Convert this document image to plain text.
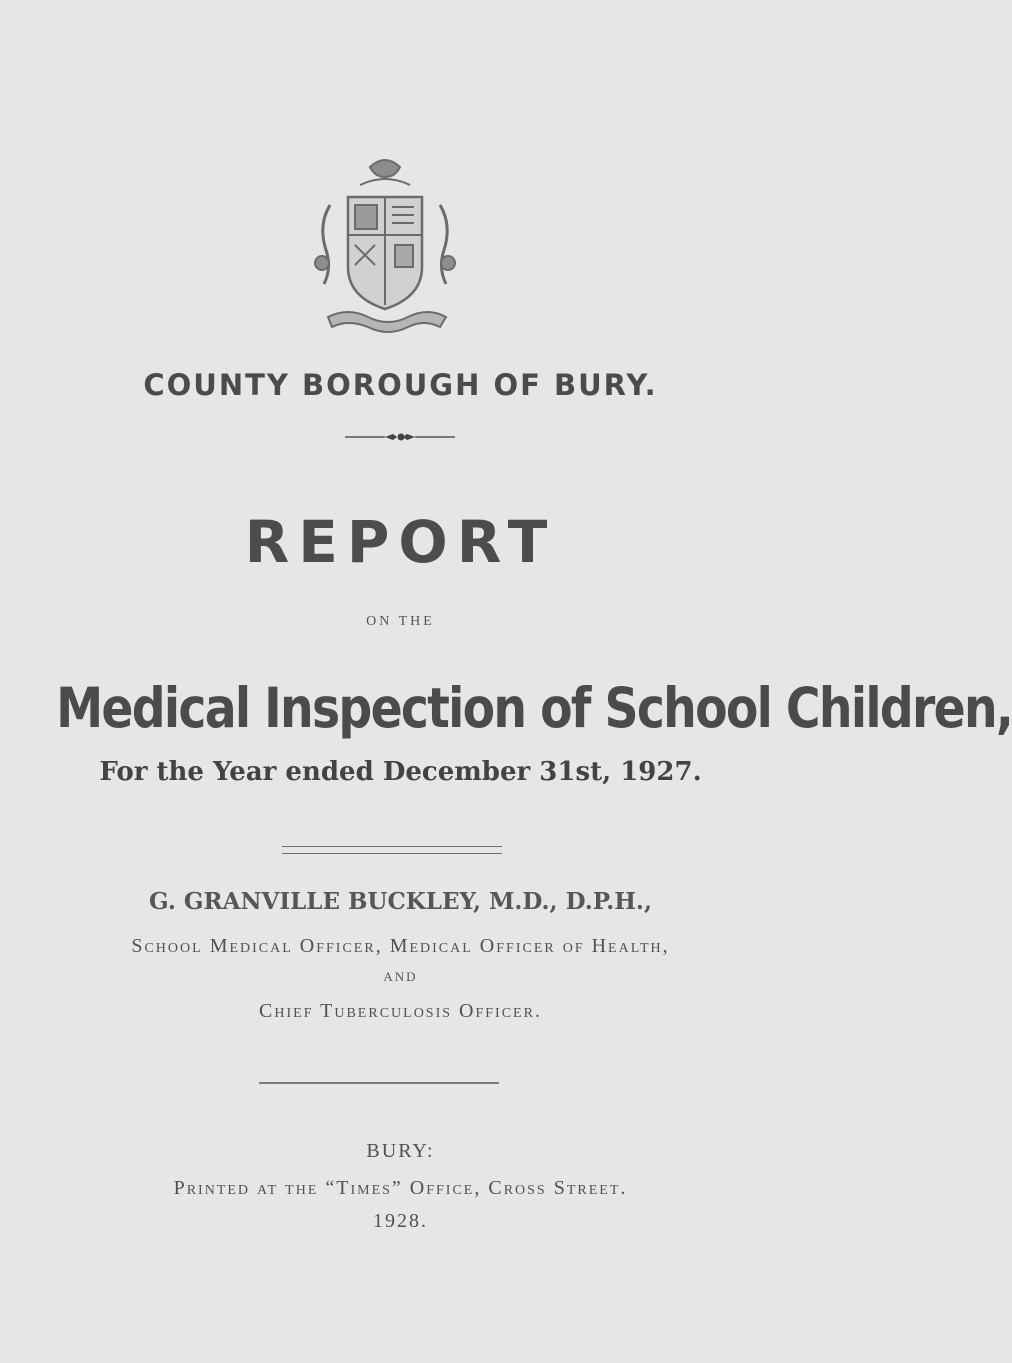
COUNTY BOROUGH OF BURY.
REPORT
ON THE
Medical Inspection of School Children,
For the Year ended December 31st, 1927.
G. GRANVILLE BUCKLEY, M.D., D.P.H.,
School Medical Officer, Medical Officer of Health,
AND
Chief Tuberculosis Officer.
BURY:
Printed at the “Times” Office, Cross Street.
1928.
